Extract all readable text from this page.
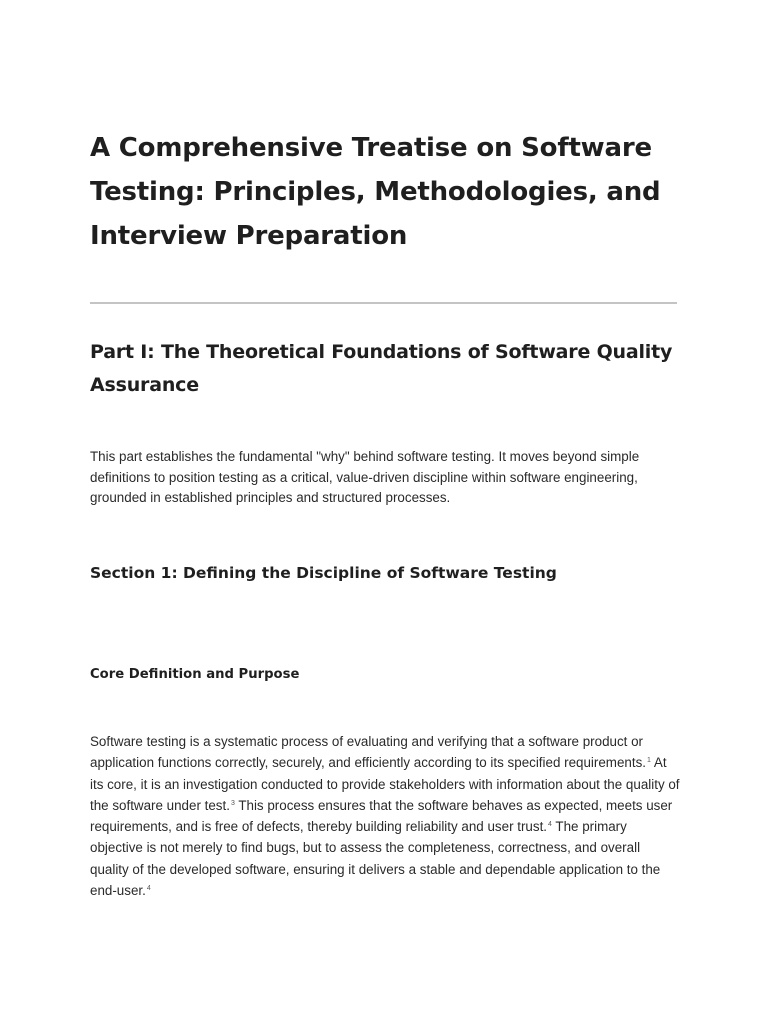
A Comprehensive Treatise on Software Testing: Principles, Methodologies, and Interview Preparation
Part I: The Theoretical Foundations of Software Quality Assurance

This part establishes the fundamental "why" behind software testing. It moves beyond simple definitions to position testing as a critical, value-driven discipline within software engineering, grounded in established principles and structured processes.

Section 1: Defining the Discipline of Software Testing
Core Definition and Purpose

Software testing is a systematic process of evaluating and verifying that a software product or application functions correctly, securely, and efficiently according to its specified requirements.$^1$ At its core, it is an investigation conducted to provide stakeholders with information about the quality of the software under test.$^3$ This process ensures that the software behaves as expected, meets user requirements, and is free of defects, thereby building reliability and user trust.$^4$ The primary objective is not merely to find bugs, but to assess the completeness, correctness, and overall quality of the developed software, ensuring it delivers a stable and dependable application to the end-user.$^4$
